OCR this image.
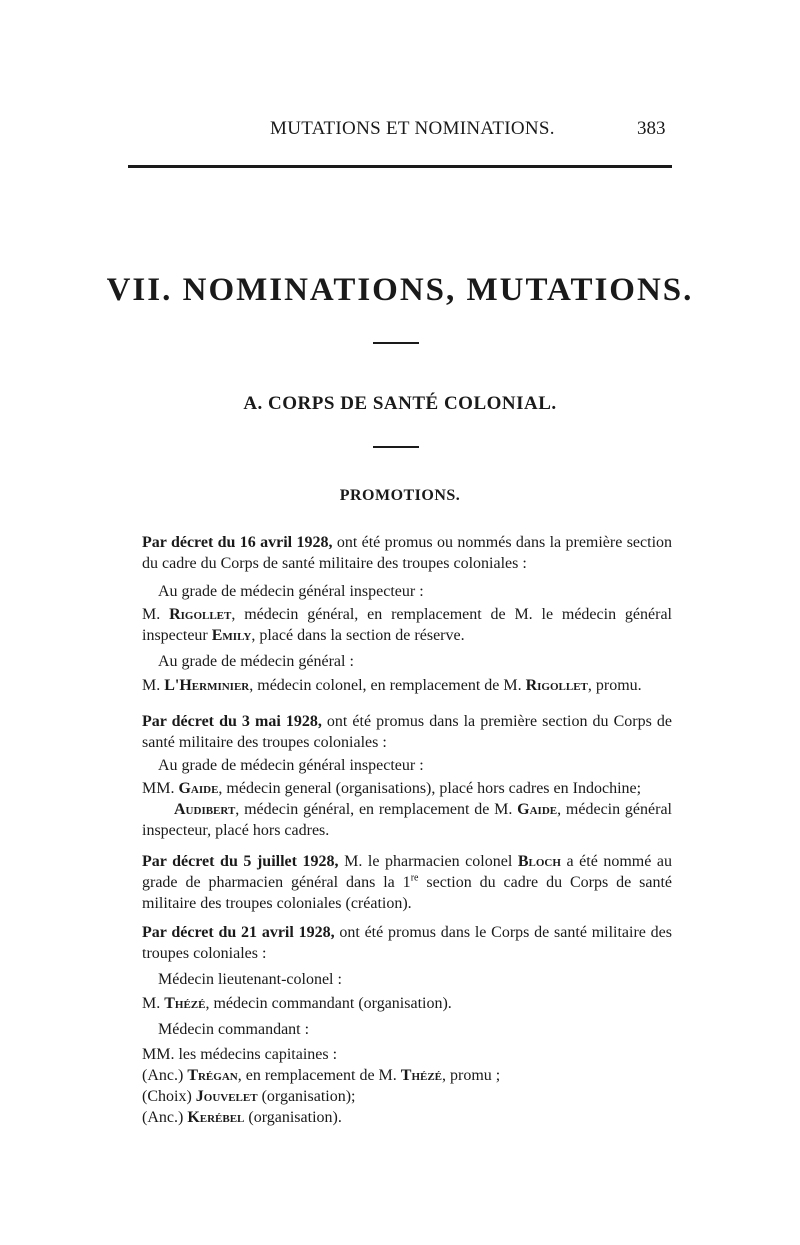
MUTATIONS ET NOMINATIONS.	383
VII. NOMINATIONS, MUTATIONS.
A. CORPS DE SANTÉ COLONIAL.
PROMOTIONS.
Par décret du 16 avril 1928, ont été promus ou nommés dans la première section du cadre du Corps de santé militaire des troupes coloniales :
Au grade de médecin général inspecteur :
M. Rigollet, médecin général, en remplacement de M. le médecin général inspecteur Emily, placé dans la section de réserve.
Au grade de médecin général :
M. L'Herminier, médecin colonel, en remplacement de M. Rigollet, promu.
Par décret du 3 mai 1928, ont été promus dans la première section du Corps de santé militaire des troupes coloniales :
Au grade de médecin général inspecteur :
MM. Gaide, médecin general (organisations), placé hors cadres en Indochine;
Audibert, médecin général, en remplacement de M. Gaide, médecin général inspecteur, placé hors cadres.
Par décret du 5 juillet 1928, M. le pharmacien colonel Bloch a été nommé au grade de pharmacien général dans la 1re section du cadre du Corps de santé militaire des troupes coloniales (création).
Par décret du 21 avril 1928, ont été promus dans le Corps de santé militaire des troupes coloniales :
Médecin lieutenant-colonel :
M. Thézé, médecin commandant (organisation).
Médecin commandant :
MM. les médecins capitaines :
(Anc.) Trégan, en remplacement de M. Thézé, promu ;
(Choix) Jouvelet (organisation);
(Anc.) Kerébel (organisation).
